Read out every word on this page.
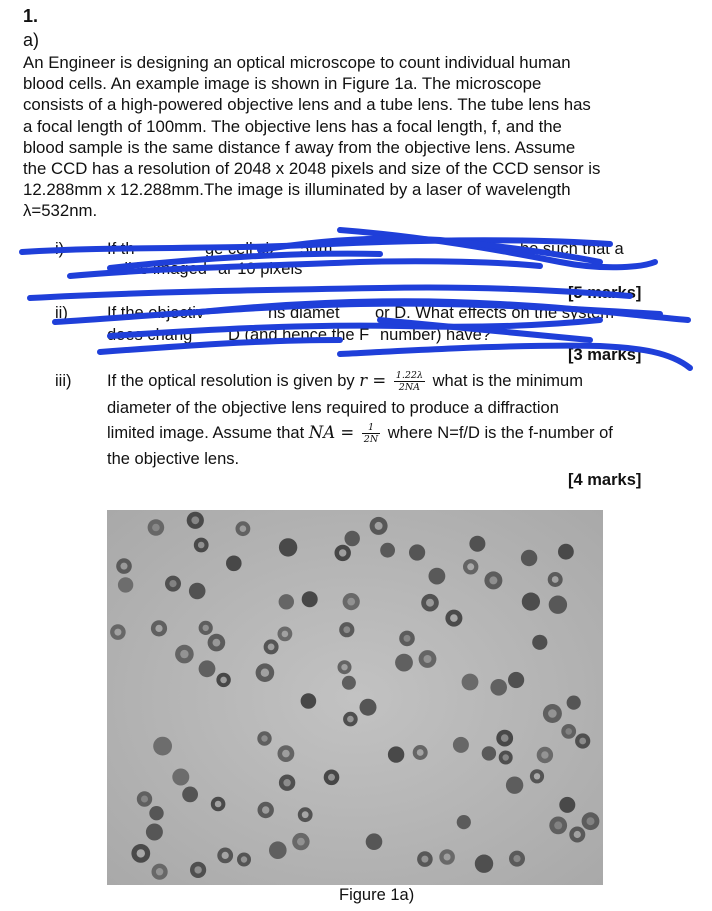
1.
a)
An Engineer is designing an optical microscope to count individual human
blood cells. An example image is shown in Figure 1a. The microscope
consists of a high-powered objective lens and a tube lens. The tube lens has
a focal length of 100mm. The objective lens has a focal length, f, and the
blood sample is the same distance f away from the objective lens. Assume
the CCD has a resolution of 2048 x 2048 pixels and size of the CCD sensor is
12.288mm x 12.288mm.The image is illuminated by a laser of wavelength
λ=532nm.
i)	If th	ge cell siz 5μm	be such that a
cell is imaged ar 10 pixels
[5 marks]
ii) If the objectiv	ns diamet or D. What effects on the system
does chang D (and hence the F number) have?
[3 marks]
iii) If the optical resolution is given by $r = \frac{1.22\lambda}{2NA}$ what is the minimum
diameter of the objective lens required to produce a diffraction
limited image. Assume that NA = $\frac{1}{2N}$ where N=f/D is the f-number of
the objective lens.
[4 marks]
Figure 1a)
